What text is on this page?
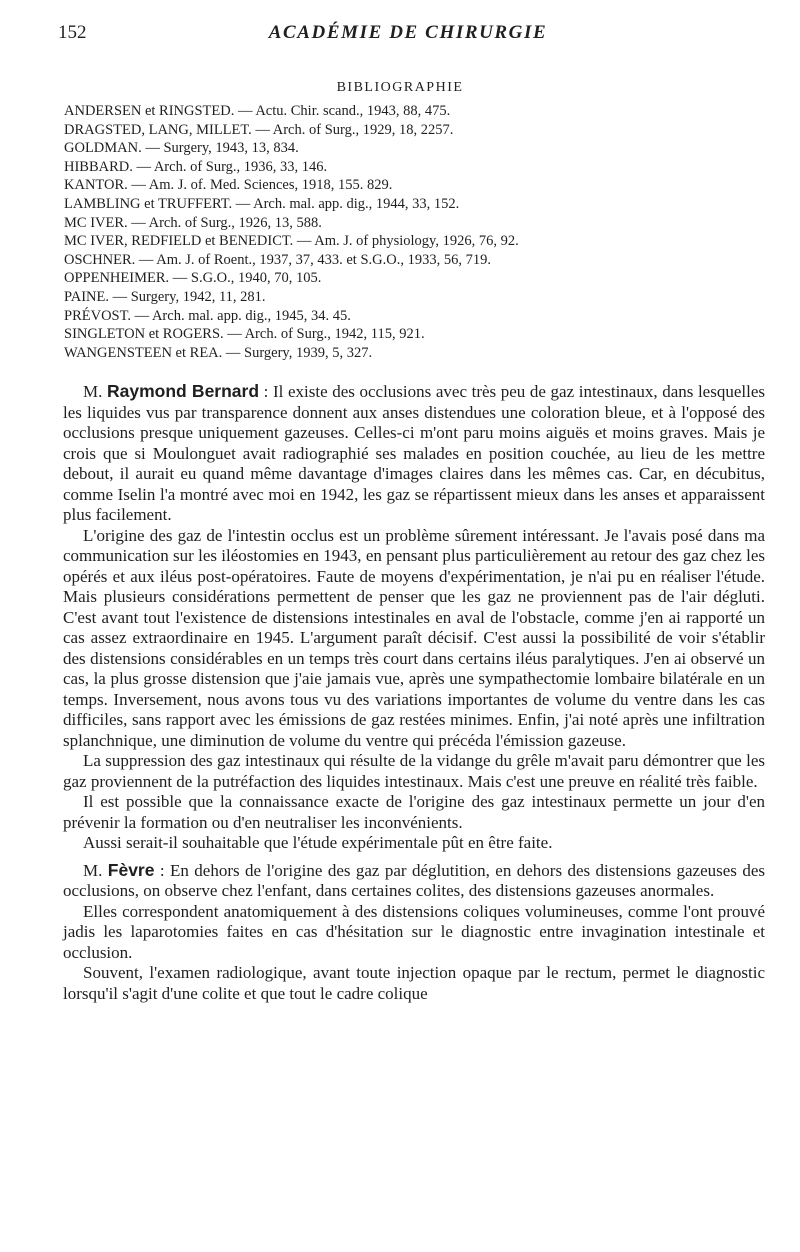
152	ACADÉMIE DE CHIRURGIE
BIBLIOGRAPHIE
ANDERSEN et RINGSTED. — Actu. Chir. scand., 1943, 88, 475.
DRAGSTED, LANG, MILLET. — Arch. of Surg., 1929, 18, 2257.
GOLDMAN. — Surgery, 1943, 13, 834.
HIBBARD. — Arch. of Surg., 1936, 33, 146.
KANTOR. — Am. J. of. Med. Sciences, 1918, 155. 829.
LAMBLING et TRUFFERT. — Arch. mal. app. dig., 1944, 33, 152.
MC IVER. — Arch. of Surg., 1926, 13, 588.
MC IVER, REDFIELD et BENEDICT. — Am. J. of physiology, 1926, 76, 92.
OSCHNER. — Am. J. of Roent., 1937, 37, 433. et S.G.O., 1933, 56, 719.
OPPENHEIMER. — S.G.O., 1940, 70, 105.
PAINE. — Surgery, 1942, 11, 281.
PRÉVOST. — Arch. mal. app. dig., 1945, 34. 45.
SINGLETON et ROGERS. — Arch. of Surg., 1942, 115, 921.
WANGENSTEEN et REA. — Surgery, 1939, 5, 327.

M. Raymond Bernard : Il existe des occlusions avec très peu de gaz intestinaux, dans lesquelles les liquides vus par transparence donnent aux anses distendues une coloration bleue, et à l'opposé des occlusions presque uniquement gazeuses. Celles-ci m'ont paru moins aiguës et moins graves. Mais je crois que si Moulonguet avait radiographié ses malades en position couchée, au lieu de les mettre debout, il aurait eu quand même davantage d'images claires dans les mêmes cas. Car, en décubitus, comme Iselin l'a montré avec moi en 1942, les gaz se répartissent mieux dans les anses et apparaissent plus facilement.

L'origine des gaz de l'intestin occlus est un problème sûrement intéressant. Je l'avais posé dans ma communication sur les iléostomies en 1943, en pensant plus particulièrement au retour des gaz chez les opérés et aux iléus post-opératoires. Faute de moyens d'expérimentation, je n'ai pu en réaliser l'étude. Mais plusieurs considérations permettent de penser que les gaz ne proviennent pas de l'air dégluti. C'est avant tout l'existence de distensions intestinales en aval de l'obstacle, comme j'en ai rapporté un cas assez extraordinaire en 1945. L'argument paraît décisif. C'est aussi la possibilité de voir s'établir des distensions considérables en un temps très court dans certains iléus paralytiques. J'en ai observé un cas, la plus grosse distension que j'aie jamais vue, après une sympathectomie lombaire bilatérale en un temps. Inversement, nous avons tous vu des variations importantes de volume du ventre dans les cas difficiles, sans rapport avec les émissions de gaz restées minimes. Enfin, j'ai noté après une infiltration splanchnique, une diminution de volume du ventre qui précéda l'émission gazeuse.

La suppression des gaz intestinaux qui résulte de la vidange du grêle m'avait paru démontrer que les gaz proviennent de la putréfaction des liquides intestinaux. Mais c'est une preuve en réalité très faible.

Il est possible que la connaissance exacte de l'origine des gaz intestinaux permette un jour d'en prévenir la formation ou d'en neutraliser les inconvénients.

Aussi serait-il souhaitable que l'étude expérimentale pût en être faite.

M. Fèvre : En dehors de l'origine des gaz par déglutition, en dehors des distensions gazeuses des occlusions, on observe chez l'enfant, dans certaines colites, des distensions gazeuses anormales.

Elles correspondent anatomiquement à des distensions coliques volumineuses, comme l'ont prouvé jadis les laparotomies faites en cas d'hésitation sur le diagnostic entre invagination intestinale et occlusion.

Souvent, l'examen radiologique, avant toute injection opaque par le rectum, permet le diagnostic lorsqu'il s'agit d'une colite et que tout le cadre colique
